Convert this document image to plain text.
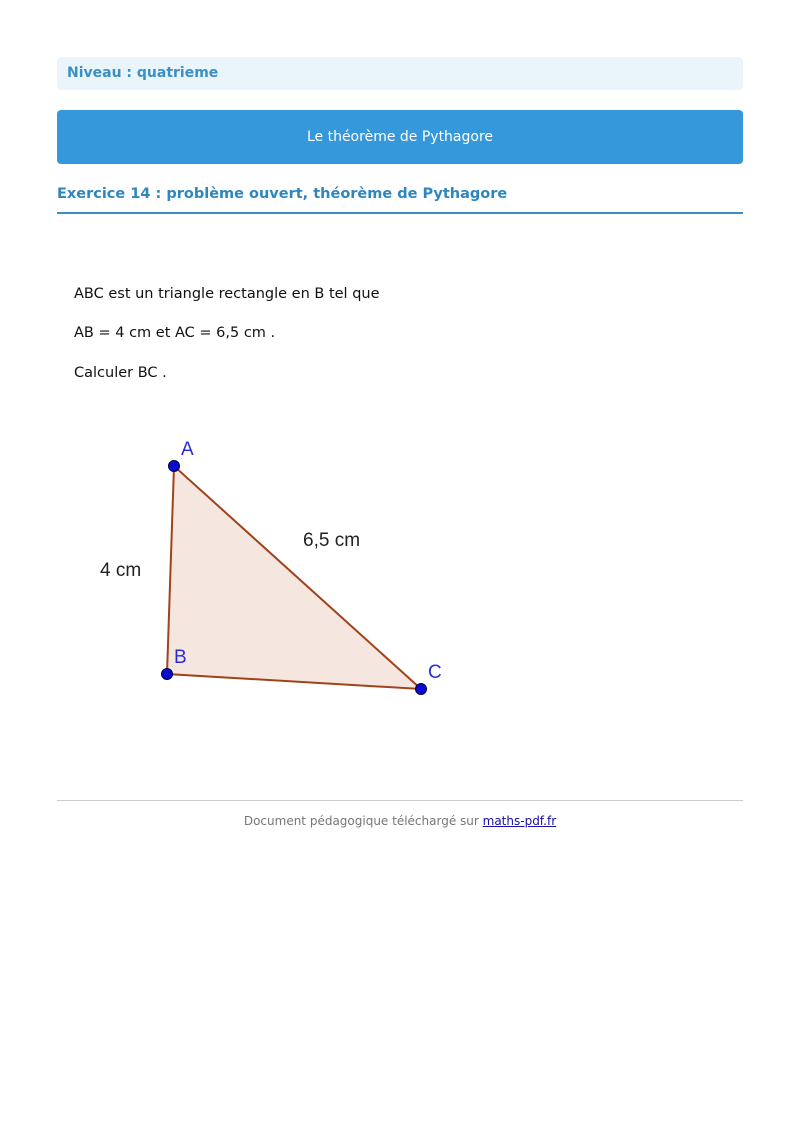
Niveau : quatrieme
Le théorème de Pythagore
Exercice 14 : problème ouvert, théorème de Pythagore
ABC est un triangle rectangle en B tel que
AB = 4 cm et AC = 6,5 cm .
Calculer BC .
A
B
C
4 cm
6,5 cm
Document pédagogique téléchargé sur maths-pdf.fr
